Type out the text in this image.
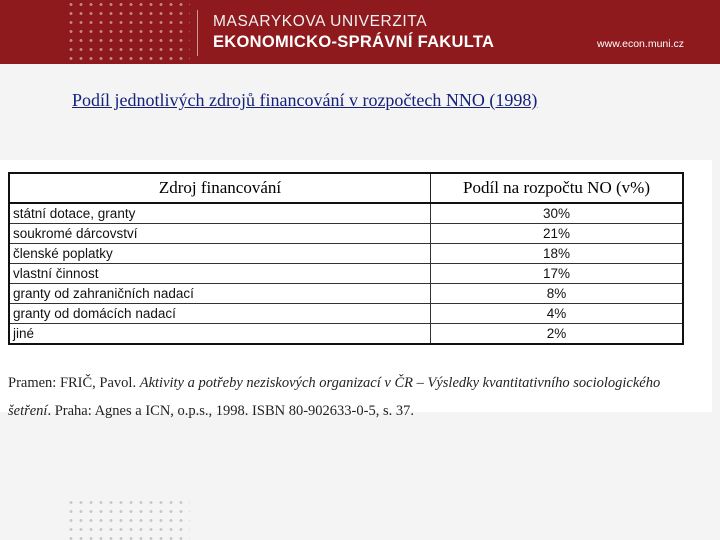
MASARYKOVA UNIVERZITA
EKONOMICKO-SPRÁVNÍ FAKULTA	www.econ.muni.cz
Podíl jednotlivých zdrojů financování v rozpočtech NNO (1998)
Zdroj financování	Podíl na rozpočtu NO (v%)
státní dotace, granty	30%
soukromé dárcovství	21%
členské poplatky	18%
vlastní činnost	17%
granty od zahraničních nadací	8%
granty od domácích nadací	4%
jiné	2%

Pramen: FRIČ, Pavol. Aktivity a potřeby neziskových organizací v ČR – Výsledky kvantitativního sociologického šetření. Praha: Agnes a ICN, o.p.s., 1998. ISBN 80-902633-0-5, s. 37.
